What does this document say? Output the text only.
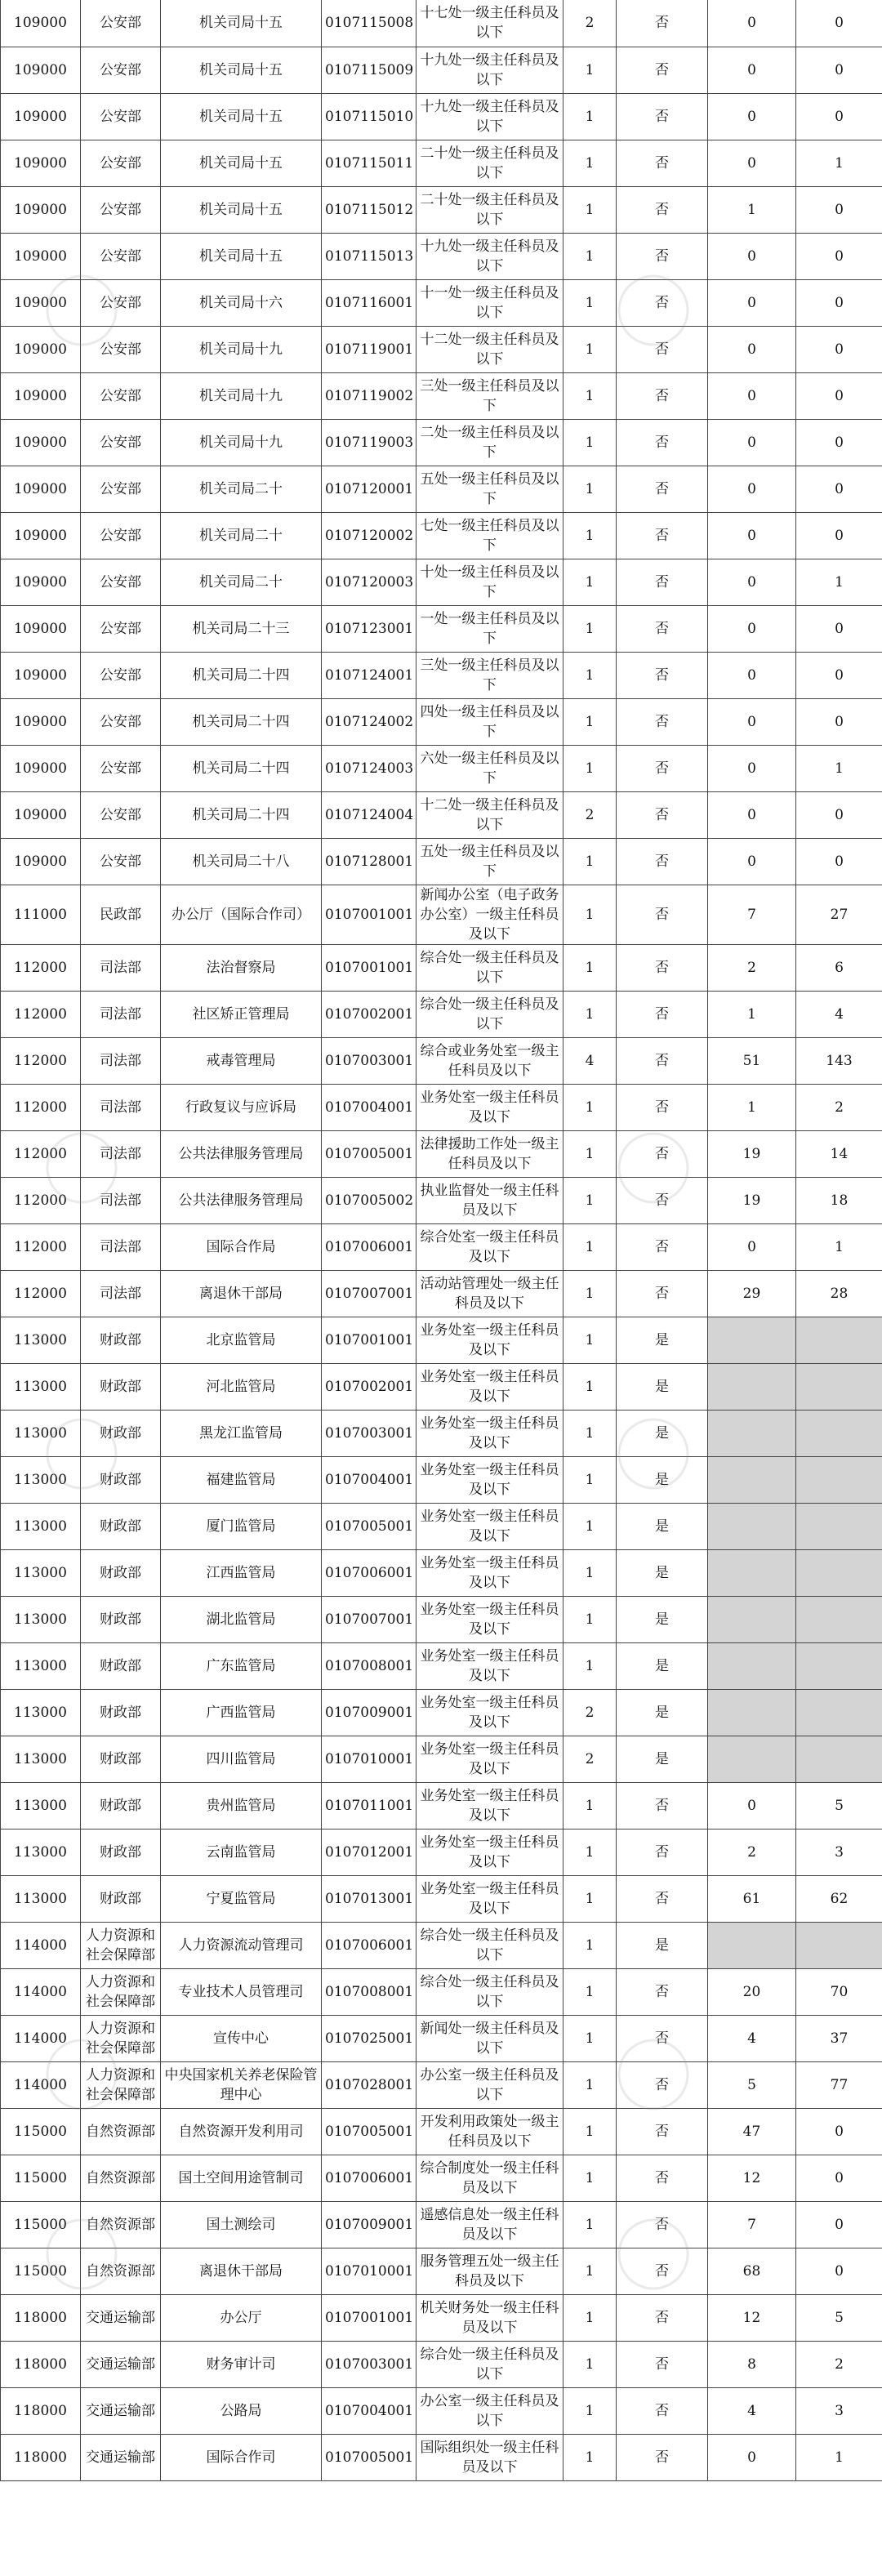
109000	公安部	机关司局十五	0107115008	十七处一级主任科员及以下	2	否	0	0
109000	公安部	机关司局十五	0107115009	十九处一级主任科员及以下	1	否	0	0
109000	公安部	机关司局十五	0107115010	十九处一级主任科员及以下	1	否	0	0
109000	公安部	机关司局十五	0107115011	二十处一级主任科员及以下	1	否	0	1
109000	公安部	机关司局十五	0107115012	二十处一级主任科员及以下	1	否	1	0
109000	公安部	机关司局十五	0107115013	十九处一级主任科员及以下	1	否	0	0
109000	公安部	机关司局十六	0107116001	十一处一级主任科员及以下	1	否	0	0
109000	公安部	机关司局十九	0107119001	十二处一级主任科员及以下	1	否	0	0
109000	公安部	机关司局十九	0107119002	三处一级主任科员及以下	1	否	0	0
109000	公安部	机关司局十九	0107119003	二处一级主任科员及以下	1	否	0	0
109000	公安部	机关司局二十	0107120001	五处一级主任科员及以下	1	否	0	0
109000	公安部	机关司局二十	0107120002	七处一级主任科员及以下	1	否	0	0
109000	公安部	机关司局二十	0107120003	十处一级主任科员及以下	1	否	0	1
109000	公安部	机关司局二十三	0107123001	一处一级主任科员及以下	1	否	0	0
109000	公安部	机关司局二十四	0107124001	三处一级主任科员及以下	1	否	0	0
109000	公安部	机关司局二十四	0107124002	四处一级主任科员及以下	1	否	0	0
109000	公安部	机关司局二十四	0107124003	六处一级主任科员及以下	1	否	0	1
109000	公安部	机关司局二十四	0107124004	十二处一级主任科员及以下	2	否	0	0
109000	公安部	机关司局二十八	0107128001	五处一级主任科员及以下	1	否	0	0
111000	民政部	办公厅（国际合作司）	0107001001	新闻办公室（电子政务办公室）一级主任科员及以下	1	否	7	27
112000	司法部	法治督察局	0107001001	综合处一级主任科员及以下	1	否	2	6
112000	司法部	社区矫正管理局	0107002001	综合处一级主任科员及以下	1	否	1	4
112000	司法部	戒毒管理局	0107003001	综合或业务处室一级主任科员及以下	4	否	51	143
112000	司法部	行政复议与应诉局	0107004001	业务处室一级主任科员及以下	1	否	1	2
112000	司法部	公共法律服务管理局	0107005001	法律援助工作处一级主任科员及以下	1	否	19	14
112000	司法部	公共法律服务管理局	0107005002	执业监督处一级主任科员及以下	1	否	19	18
112000	司法部	国际合作局	0107006001	综合处室一级主任科员及以下	1	否	0	1
112000	司法部	离退休干部局	0107007001	活动站管理处一级主任科员及以下	1	否	29	28
113000	财政部	北京监管局	0107001001	业务处室一级主任科员及以下	1	是		
113000	财政部	河北监管局	0107002001	业务处室一级主任科员及以下	1	是		
113000	财政部	黑龙江监管局	0107003001	业务处室一级主任科员及以下	1	是		
113000	财政部	福建监管局	0107004001	业务处室一级主任科员及以下	1	是		
113000	财政部	厦门监管局	0107005001	业务处室一级主任科员及以下	1	是		
113000	财政部	江西监管局	0107006001	业务处室一级主任科员及以下	1	是		
113000	财政部	湖北监管局	0107007001	业务处室一级主任科员及以下	1	是		
113000	财政部	广东监管局	0107008001	业务处室一级主任科员及以下	1	是		
113000	财政部	广西监管局	0107009001	业务处室一级主任科员及以下	2	是		
113000	财政部	四川监管局	0107010001	业务处室一级主任科员及以下	2	是		
113000	财政部	贵州监管局	0107011001	业务处室一级主任科员及以下	1	否	0	5
113000	财政部	云南监管局	0107012001	业务处室一级主任科员及以下	1	否	2	3
113000	财政部	宁夏监管局	0107013001	业务处室一级主任科员及以下	1	否	61	62
114000	人力资源和社会保障部	人力资源流动管理司	0107006001	综合处一级主任科员及以下	1	是		
114000	人力资源和社会保障部	专业技术人员管理司	0107008001	综合处一级主任科员及以下	1	否	20	70
114000	人力资源和社会保障部	宣传中心	0107025001	新闻处一级主任科员及以下	1	否	4	37
114000	人力资源和社会保障部	中央国家机关养老保险管理中心	0107028001	办公室一级主任科员及以下	1	否	5	77
115000	自然资源部	自然资源开发利用司	0107005001	开发利用政策处一级主任科员及以下	1	否	47	0
115000	自然资源部	国土空间用途管制司	0107006001	综合制度处一级主任科员及以下	1	否	12	0
115000	自然资源部	国土测绘司	0107009001	遥感信息处一级主任科员及以下	1	否	7	0
115000	自然资源部	离退休干部局	0107010001	服务管理五处一级主任科员及以下	1	否	68	0
118000	交通运输部	办公厅	0107001001	机关财务处一级主任科员及以下	1	否	12	5
118000	交通运输部	财务审计司	0107003001	综合处一级主任科员及以下	1	否	8	2
118000	交通运输部	公路局	0107004001	办公室一级主任科员及以下	1	否	4	3
118000	交通运输部	国际合作司	0107005001	国际组织处一级主任科员及以下	1	否	0	1
